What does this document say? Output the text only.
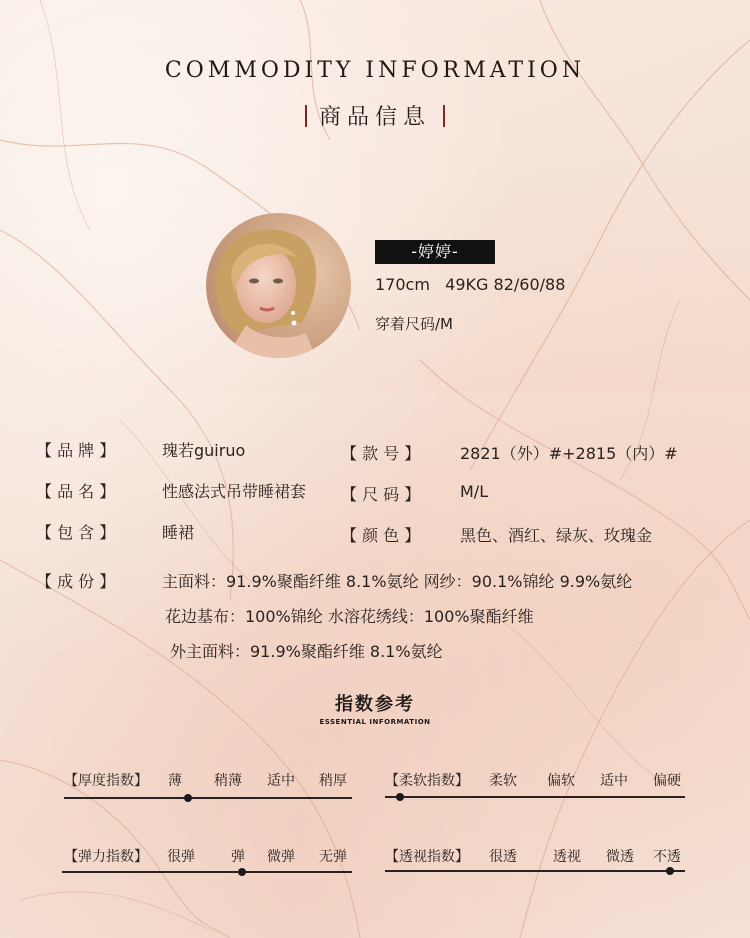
COMMODITY INFORMATION
商品信息
-婷婷-
170cm   49KG 82/60/88
穿着尺码/M
【 品 牌 】	瑰若guiruo	【 款 号 】 2821（外）#+2815（内）#
【 品 名 】	性感法式吊带睡裙套 【 尺 码 】 M/L
【 包 含 】	睡裙	【 颜 色 】 黑色、酒红、绿灰、玫瑰金
【 成 份 】	主面料：91.9%聚酯纤维 8.1%氨纶 网纱：90.1%锦纶 9.9%氨纶
花边基布：100%锦纶 水溶花绣线：100%聚酯纤维
外主面料：91.9%聚酯纤维 8.1%氨纶
指数参考
ESSENTIAL INFORMATION
【厚度指数】 薄 稍薄 适中 稍厚	【柔软指数】 柔软 偏软 适中 偏硬
【弹力指数】 很弹	弹 微弹 无弹	【透视指数】 很透	透视 微透 不透
